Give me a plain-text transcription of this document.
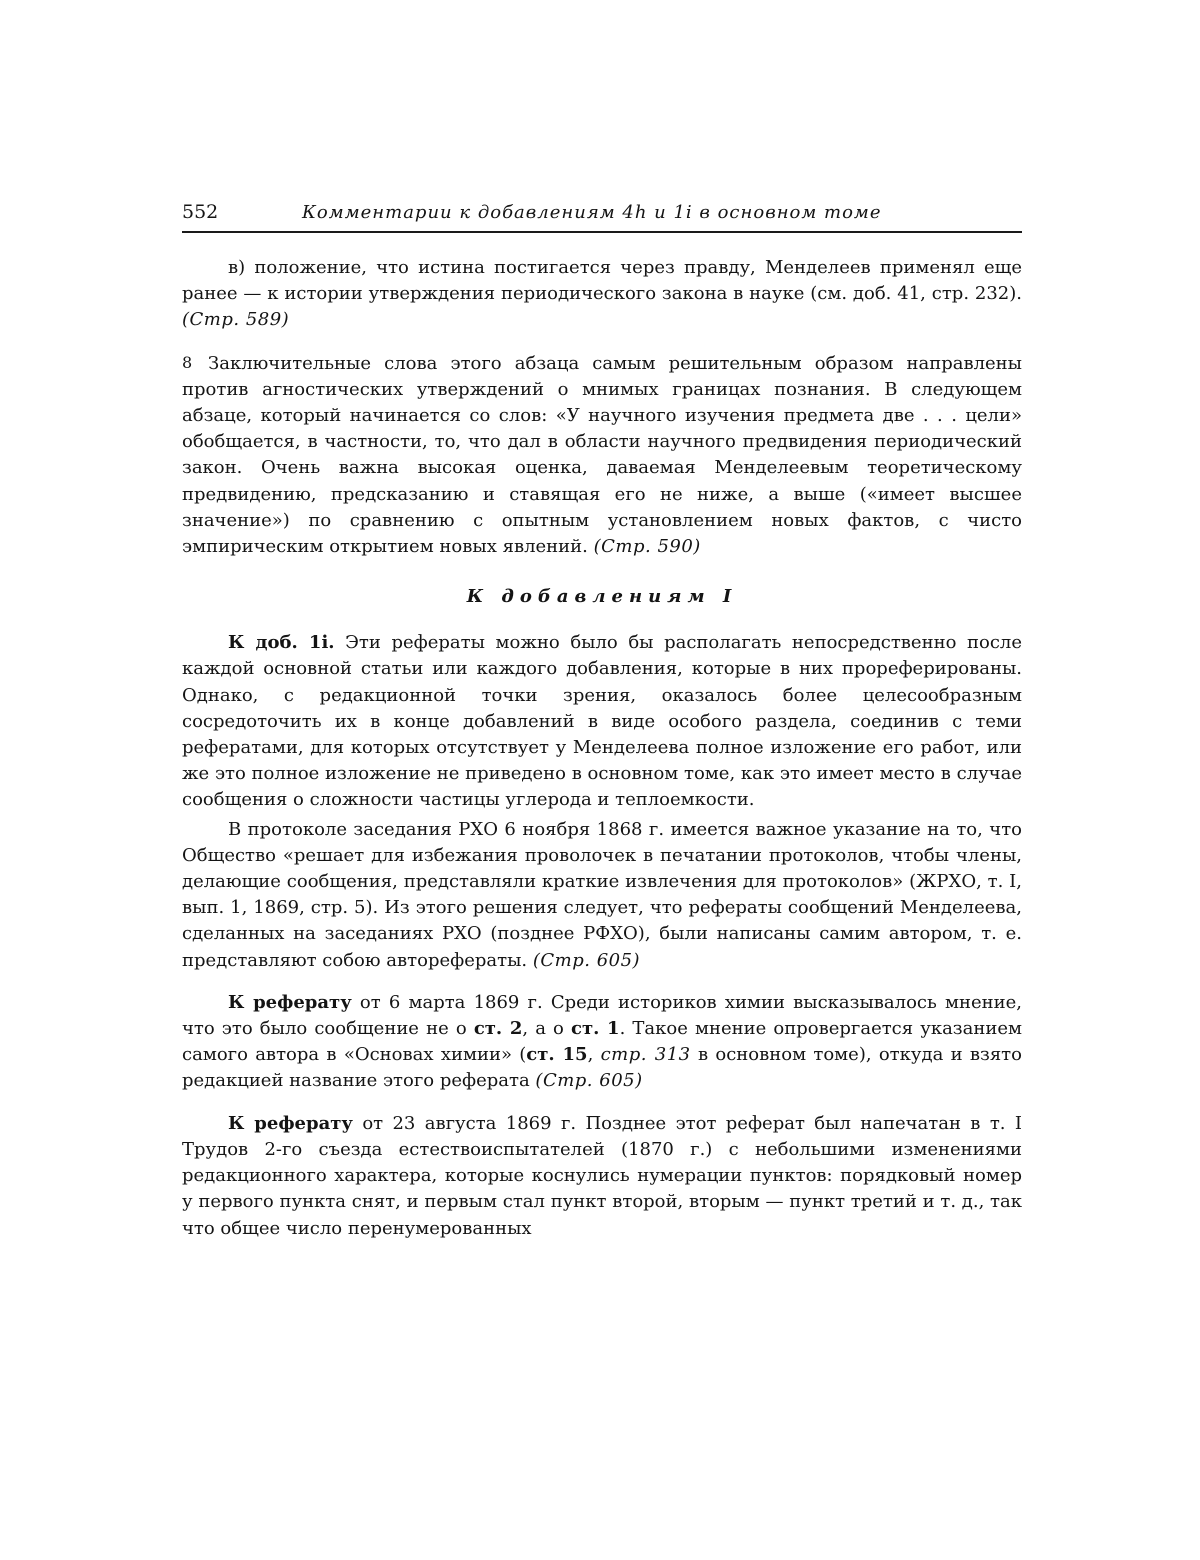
552	Комментарии к добавлениям 4h и 1i в основном томе

в) положение, что истина постигается через правду, Менделеев применял еще ранее — к истории утверждения периодического закона в науке (см. доб. 41, стр. 232). (Стр. 589)

8 Заключительные слова этого абзаца самым решительным образом направлены против агностических утверждений о мнимых границах познания. В следующем абзаце, который начинается со слов: «У научного изучения предмета две . . . цели» обобщается, в частности, то, что дал в области научного предвидения периодический закон. Очень важна высокая оценка, даваемая Менделеевым теоретическому предвидению, предсказанию и ставящая его не ниже, а выше («имеет высшее значение») по сравнению с опытным установлением новых фактов, с чисто эмпирическим открытием новых явлений. (Стр. 590)

К добавлениям I

К доб. 1i. Эти рефераты можно было бы располагать непосредственно после каждой основной статьи или каждого добавления, которые в них прореферированы. Однако, с редакционной точки зрения, оказалось более целесообразным сосредоточить их в конце добавлений в виде особого раздела, соединив с теми рефератами, для которых отсутствует у Менделеева полное изложение его работ, или же это полное изложение не приведено в основном томе, как это имеет место в случае сообщения о сложности частицы углерода и теплоемкости.

В протоколе заседания РХО 6 ноября 1868 г. имеется важное указание на то, что Общество «решает для избежания проволочек в печатании протоколов, чтобы члены, делающие сообщения, представляли краткие извлечения для протоколов» (ЖРХО, т. I, вып. 1, 1869, стр. 5). Из этого решения следует, что рефераты сообщений Менделеева, сделанных на заседаниях РХО (позднее РФХО), были написаны самим автором, т. е. представляют собою авторефераты. (Стр. 605)

К реферату от 6 марта 1869 г. Среди историков химии высказывалось мнение, что это было сообщение не о ст. 2, а о ст. 1. Такое мнение опровергается указанием самого автора в «Основах химии» (ст. 15, стр. 313 в основном томе), откуда и взято редакцией название этого реферата (Стр. 605)

К реферату от 23 августа 1869 г. Позднее этот реферат был напечатан в т. I Трудов 2-го съезда естествоиспытателей (1870 г.) с небольшими изменениями редакционного характера, которые коснулись нумерации пунктов: порядковый номер у первого пункта снят, и первым стал пункт второй, вторым — пункт третий и т. д., так что общее число перенумерованных
